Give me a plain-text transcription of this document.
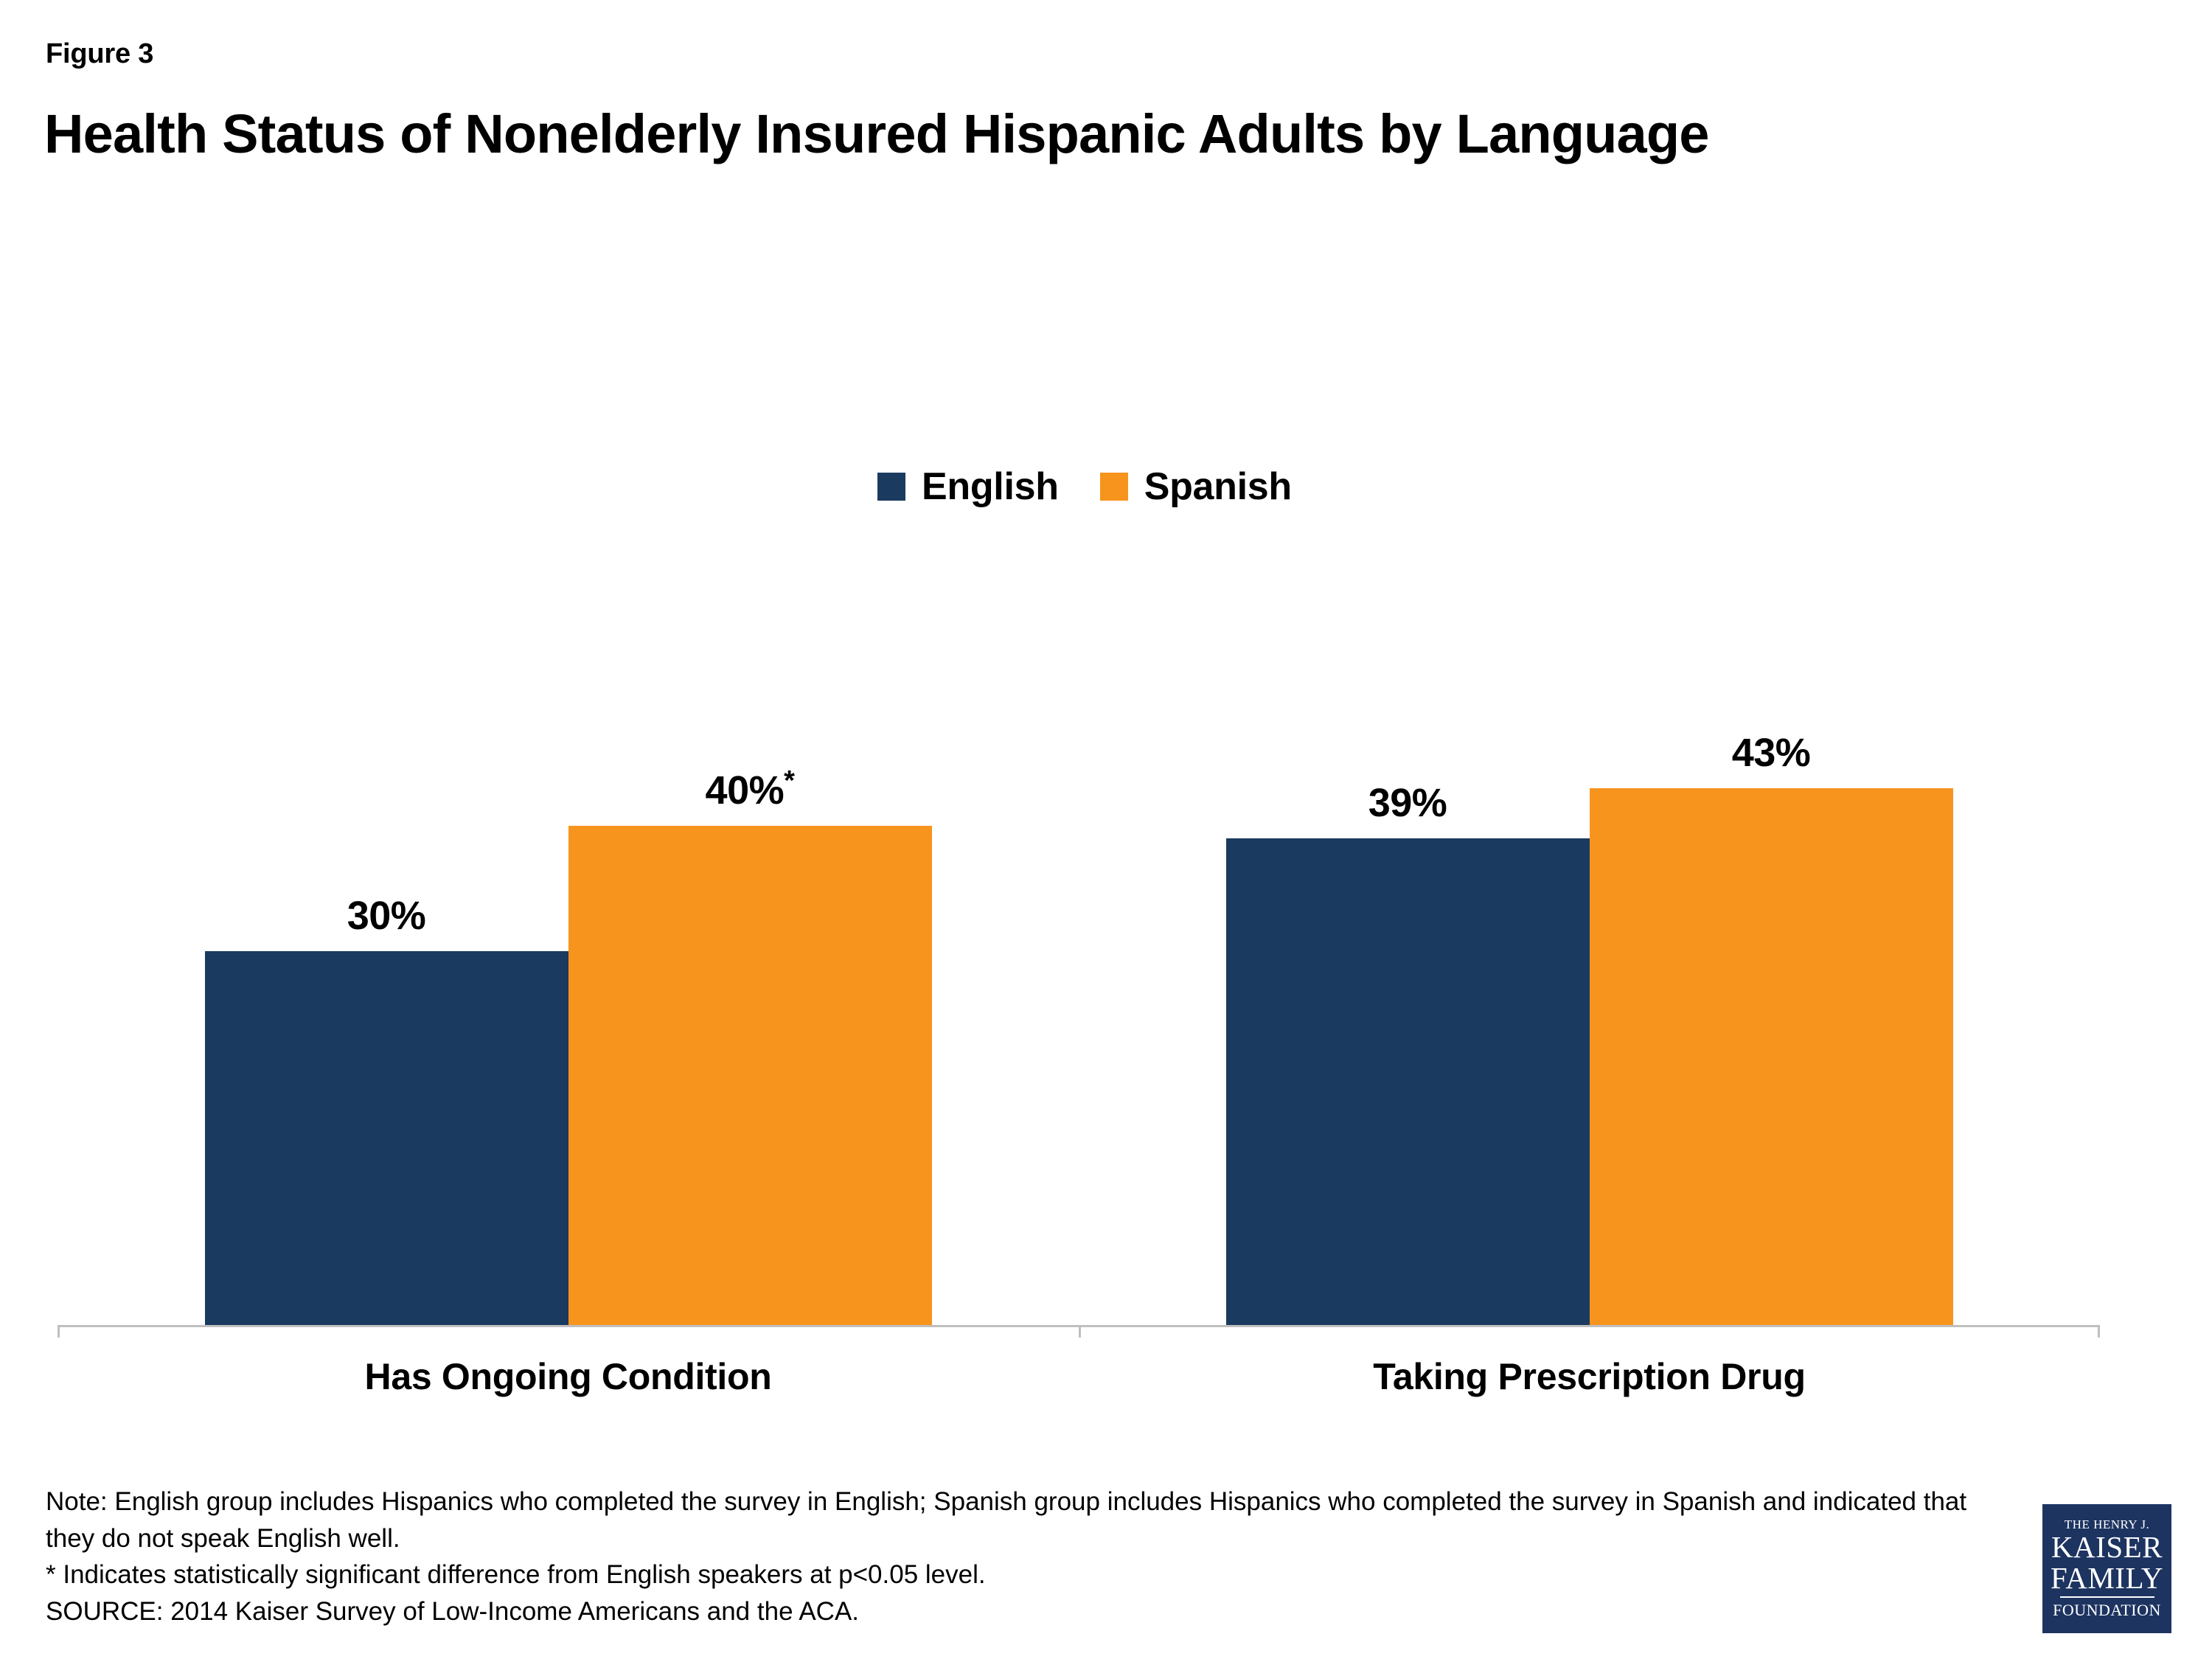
Figure 3
Health Status of Nonelderly Insured Hispanic Adults by Language
English Spanish
30%
40%*
Has Ongoing Condition
39%
43%
Taking Prescription Drug
Note: English group includes Hispanics who completed the survey in English; Spanish group includes Hispanics who completed the survey in Spanish and indicated that they do not speak English well.
* Indicates statistically significant difference from English speakers at p<0.05 level.
SOURCE: 2014 Kaiser Survey of Low-Income Americans and the ACA.
THE HENRY J.
KAISER
FAMILY
FOUNDATION
